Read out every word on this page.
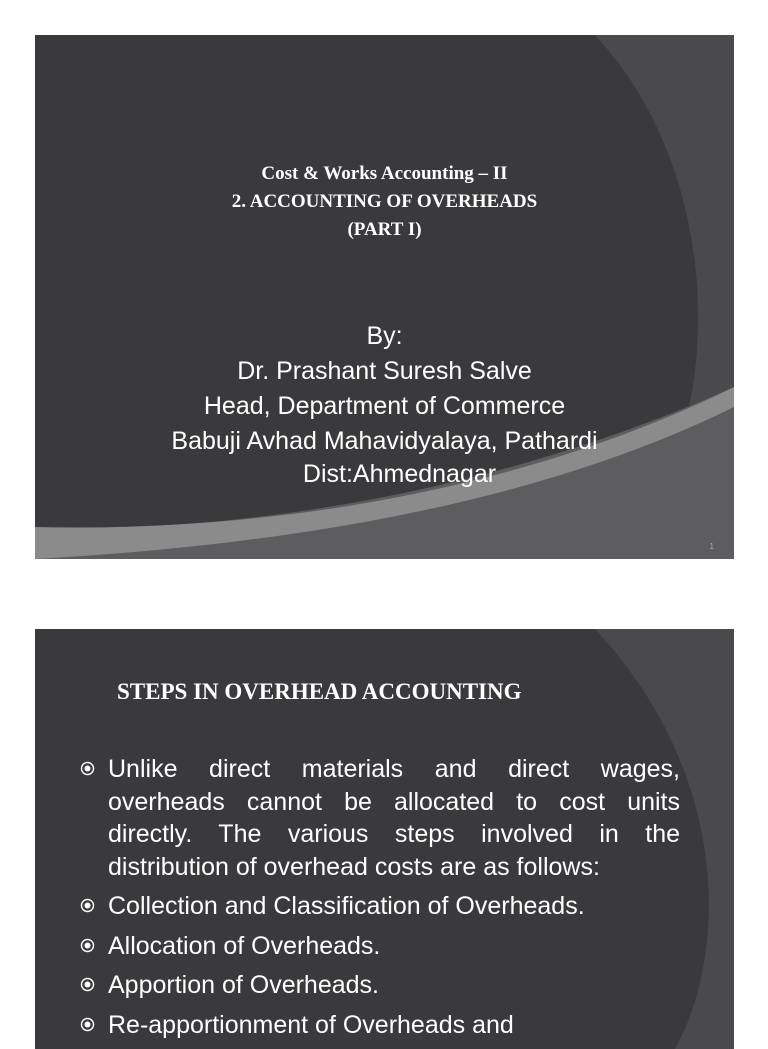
Cost & Works Accounting – II
2. ACCOUNTING OF OVERHEADS
(PART I)
By:
Dr. Prashant Suresh Salve
Head, Department of Commerce
Babuji Avhad Mahavidyalaya, Pathardi
Dist:Ahmednagar
1
STEPS IN OVERHEAD ACCOUNTING
Unlike direct materials and direct wages, overheads cannot be allocated to cost units directly. The various steps involved in the distribution of overhead costs are as follows:
Collection and Classification of Overheads.
Allocation of Overheads.
Apportion of Overheads.
Re-apportionment of Overheads and
